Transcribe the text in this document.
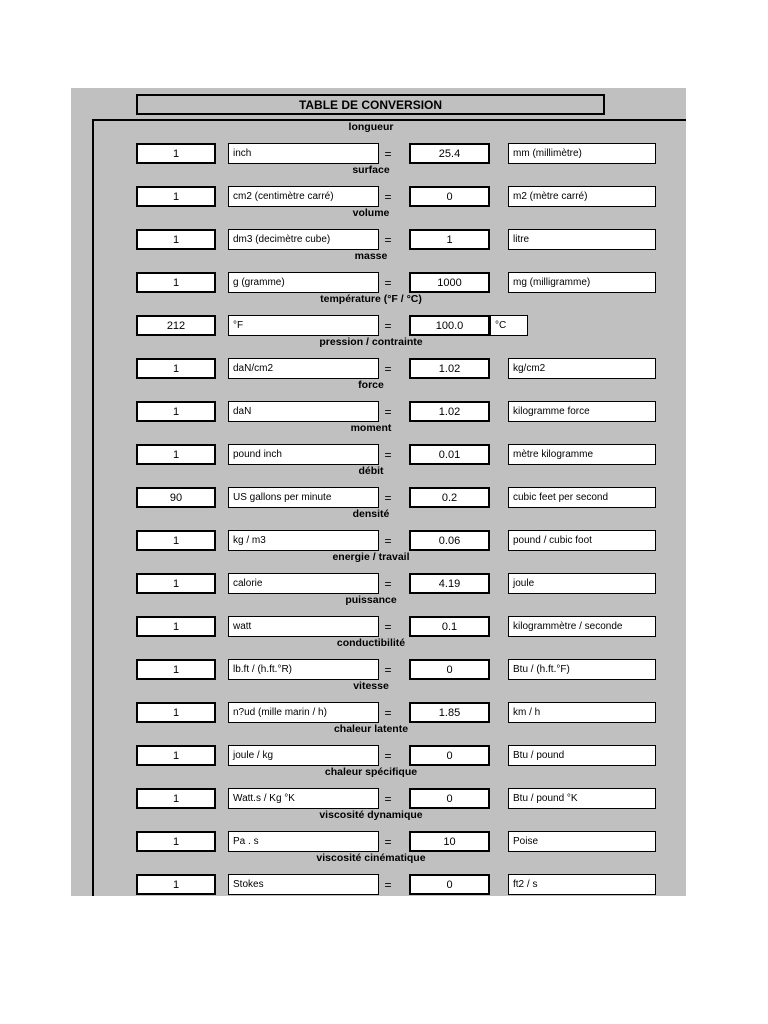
TABLE DE CONVERSION
longueur
1	inch	=	25.4	mm (millimètre)
surface
1	cm2 (centimètre carré)	=	0	m2 (mètre carré)
volume
1	dm3 (decimètre cube)	=	1	litre
masse
1	g (gramme)	=	1000	mg (milligramme)
température (°F / °C)
212	°F	=	100.0	°C
pression / contrainte
1	daN/cm2	=	1.02	kg/cm2
force
1	daN	=	1.02	kilogramme force
moment
1	pound inch	=	0.01	mètre kilogramme
débit
90	US gallons per minute	=	0.2	cubic feet per second
densité
1	kg / m3	=	0.06	pound / cubic foot
energie / travail
1	calorie	=	4.19	joule
puissance
1	watt	=	0.1	kilogrammètre / seconde
conductibilité
1	lb.ft / (h.ft.°R)	=	0	Btu / (h.ft.°F)
vitesse
1	n?ud (mille marin / h)	=	1.85	km / h
chaleur latente
1	joule / kg	=	0	Btu / pound
chaleur spécifique
1	Watt.s / Kg °K	=	0	Btu / pound °K
viscosité dynamique
1	Pa . s	=	10	Poise
viscosité cinématique
1	Stokes	=	0	ft2 / s
